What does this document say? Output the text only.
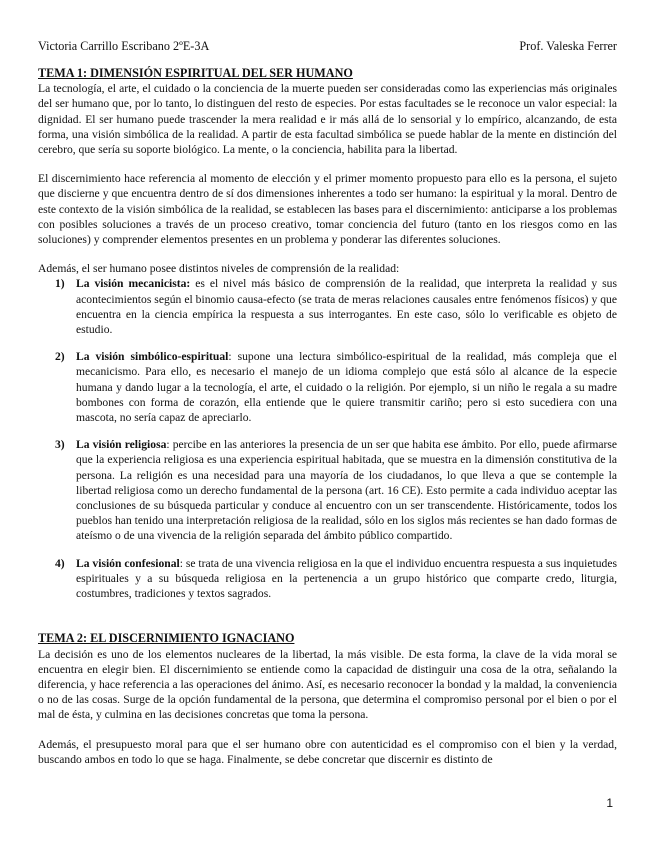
Victoria Carrillo Escribano 2ºE-3A	Prof. Valeska Ferrer
TEMA 1: DIMENSIÓN ESPIRITUAL DEL SER HUMANO

La tecnología, el arte, el cuidado o la conciencia de la muerte pueden ser consideradas como las experiencias más originales del ser humano que, por lo tanto, lo distinguen del resto de especies. Por estas facultades se le reconoce un valor especial: la dignidad. El ser humano puede trascender la mera realidad e ir más allá de lo sensorial y lo empírico, alcanzando, de esta forma, una visión simbólica de la realidad. A partir de esta facultad simbólica se puede hablar de la mente en distinción del cerebro, que sería su soporte biológico. La mente, o la conciencia, habilita para la libertad.

El discernimiento hace referencia al momento de elección y el primer momento propuesto para ello es la persona, el sujeto que discierne y que encuentra dentro de sí dos dimensiones inherentes a todo ser humano: la espiritual y la moral. Dentro de este contexto de la visión simbólica de la realidad, se establecen las bases para el discernimiento: anticiparse a los problemas con posibles soluciones a través de un proceso creativo, tomar conciencia del futuro (tanto en los riesgos como en las soluciones) y comprender elementos presentes en un problema y ponderar las diferentes soluciones.

Además, el ser humano posee distintos niveles de comprensión de la realidad:

1) La visión mecanicista: es el nivel más básico de comprensión de la realidad, que interpreta la realidad y sus acontecimientos según el binomio causa-efecto (se trata de meras relaciones causales entre fenómenos físicos) y que encuentra en la ciencia empírica la respuesta a sus interrogantes. En este caso, sólo lo verificable es objeto de estudio.
2) La visión simbólico-espiritual: supone una lectura simbólico-espiritual de la realidad, más compleja que el mecanicismo. Para ello, es necesario el manejo de un idioma complejo que está sólo al alcance de la especie humana y dando lugar a la tecnología, el arte, el cuidado o la religión. Por ejemplo, si un niño le regala a su madre bombones con forma de corazón, ella entiende que le quiere transmitir cariño; pero si esto sucediera con una mascota, no sería capaz de apreciarlo.
3) La visión religiosa: percibe en las anteriores la presencia de un ser que habita ese ámbito. Por ello, puede afirmarse que la experiencia religiosa es una experiencia espiritual habitada, que se muestra en la dimensión constitutiva de la persona. La religión es una necesidad para una mayoría de los ciudadanos, lo que lleva a que se contemple la libertad religiosa como un derecho fundamental de la persona (art. 16 CE). Esto permite a cada individuo aceptar las conclusiones de su búsqueda particular y conduce al encuentro con un ser transcendente. Históricamente, todos los pueblos han tenido una interpretación religiosa de la realidad, sólo en los siglos más recientes se han dado formas de ateísmo o de una vivencia de la religión separada del ámbito público compartido.
4) La visión confesional: se trata de una vivencia religiosa en la que el individuo encuentra respuesta a sus inquietudes espirituales y a su búsqueda religiosa en la pertenencia a un grupo histórico que comparte credo, liturgia, costumbres, tradiciones y textos sagrados.
TEMA 2: EL DISCERNIMIENTO IGNACIANO

La decisión es uno de los elementos nucleares de la libertad, la más visible. De esta forma, la clave de la vida moral se encuentra en elegir bien. El discernimiento se entiende como la capacidad de distinguir una cosa de la otra, señalando la diferencia, y hace referencia a las operaciones del ánimo. Así, es necesario reconocer la bondad y la maldad, la conveniencia o no de las cosas. Surge de la opción fundamental de la persona, que determina el compromiso personal por el bien o por el mal de ésta, y culmina en las decisiones concretas que toma la persona.

Además, el presupuesto moral para que el ser humano obre con autenticidad es el compromiso con el bien y la verdad, buscando ambos en todo lo que se haga. Finalmente, se debe concretar que discernir es distinto de

1
